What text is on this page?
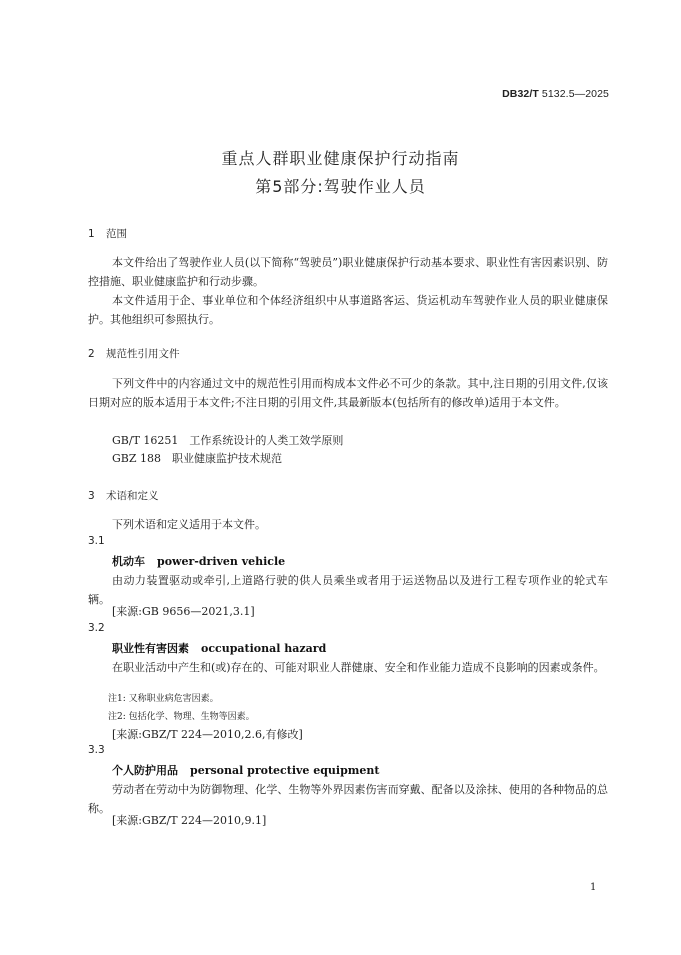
DB32/T 5132.5—2025
重点人群职业健康保护行动指南
第5部分:驾驶作业人员
1 范围
本文件给出了驾驶作业人员(以下简称“驾驶员”)职业健康保护行动基本要求、职业性有害因素识别、防控措施、职业健康监护和行动步骤。
本文件适用于企、事业单位和个体经济组织中从事道路客运、货运机动车驾驶作业人员的职业健康保护。其他组织可参照执行。
2 规范性引用文件
下列文件中的内容通过文中的规范性引用而构成本文件必不可少的条款。其中,注日期的引用文件,仅该日期对应的版本适用于本文件;不注日期的引用文件,其最新版本(包括所有的修改单)适用于本文件。
GB/T 16251　工作系统设计的人类工效学原则
GBZ 188　职业健康监护技术规范
3 术语和定义
下列术语和定义适用于本文件。
3.1
机动车 power-driven vehicle
由动力装置驱动或牵引,上道路行驶的供人员乘坐或者用于运送物品以及进行工程专项作业的轮式车辆。
[来源:GB 9656—2021,3.1]
3.2
职业性有害因素 occupational hazard
在职业活动中产生和(或)存在的、可能对职业人群健康、安全和作业能力造成不良影响的因素或条件。
注1: 又称职业病危害因素。
注2: 包括化学、物理、生物等因素。
[来源:GBZ/T 224—2010,2.6,有修改]
3.3
个人防护用品 personal protective equipment
劳动者在劳动中为防御物理、化学、生物等外界因素伤害而穿戴、配备以及涂抹、使用的各种物品的总称。
[来源:GBZ/T 224—2010,9.1]
1
